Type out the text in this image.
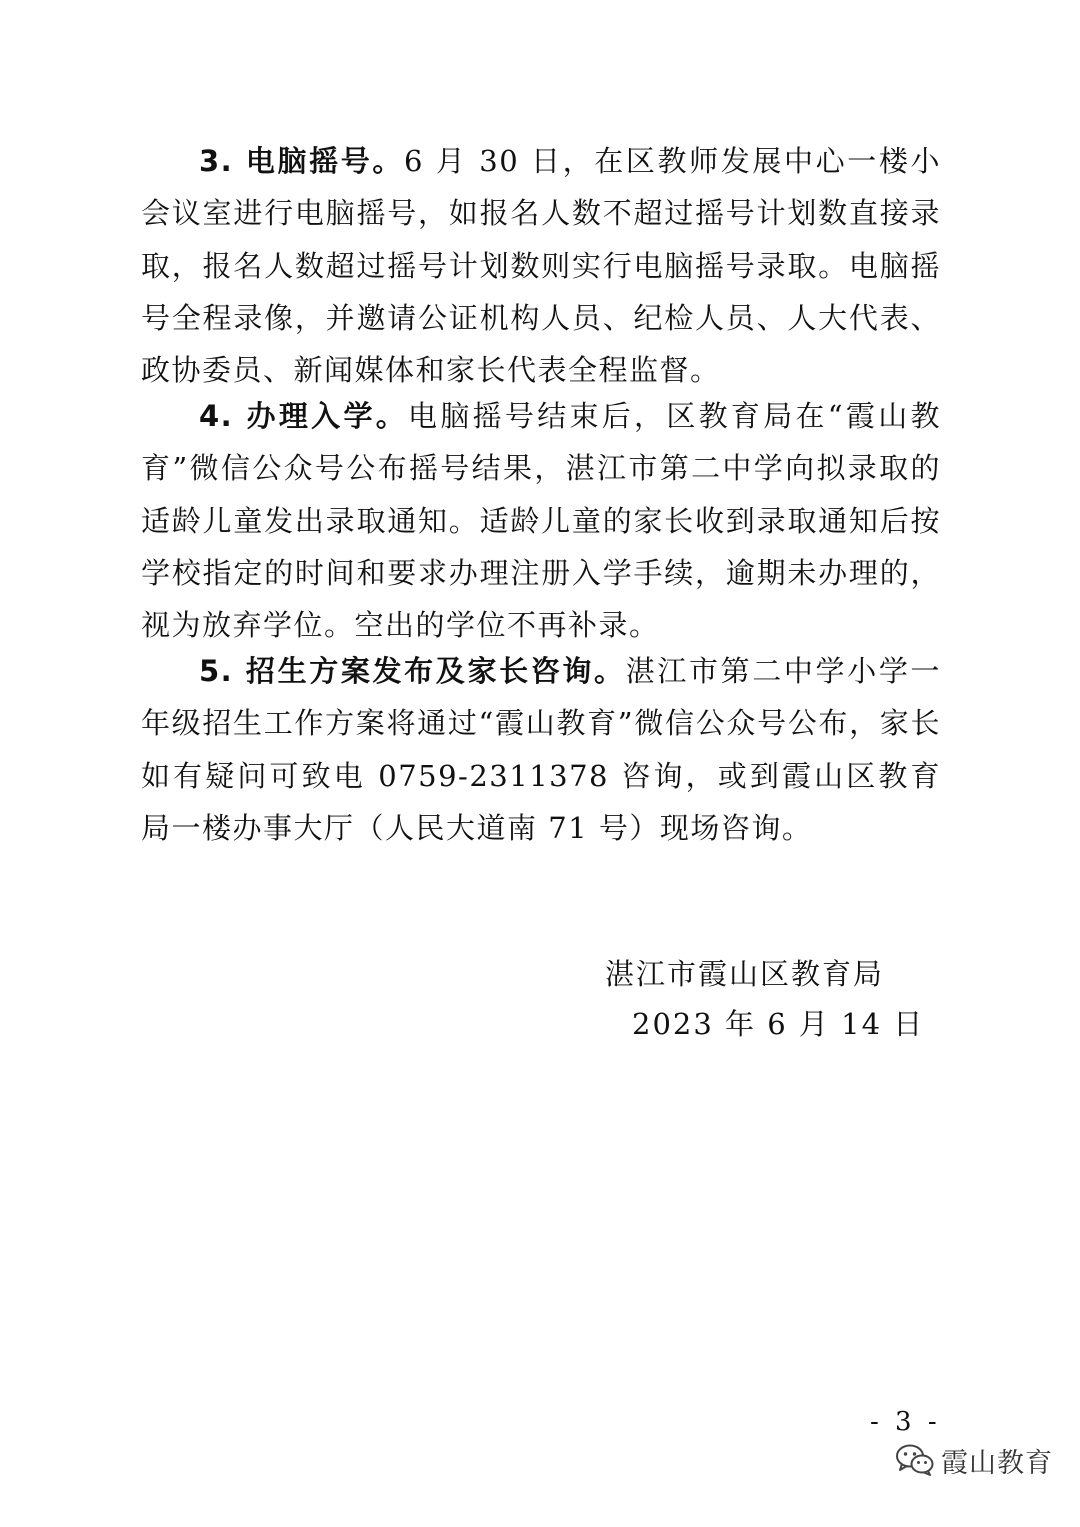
3. 电脑摇号。6 月 30 日，在区教师发展中心一楼小会议室进行电脑摇号，如报名人数不超过摇号计划数直接录取，报名人数超过摇号计划数则实行电脑摇号录取。电脑摇号全程录像，并邀请公证机构人员、纪检人员、人大代表、政协委员、新闻媒体和家长代表全程监督。

4. 办理入学。电脑摇号结束后，区教育局在“霞山教育”微信公众号公布摇号结果，湛江市第二中学向拟录取的适龄儿童发出录取通知。适龄儿童的家长收到录取通知后按学校指定的时间和要求办理注册入学手续，逾期未办理的，视为放弃学位。空出的学位不再补录。

5. 招生方案发布及家长咨询。湛江市第二中学小学一年级招生工作方案将通过“霞山教育”微信公众号公布，家长如有疑问可致电 0759-2311378 咨询，或到霞山区教育局一楼办事大厅（人民大道南 71 号）现场咨询。

湛江市霞山区教育局
2023 年 6 月 14 日
- 3 -
霞山教育
